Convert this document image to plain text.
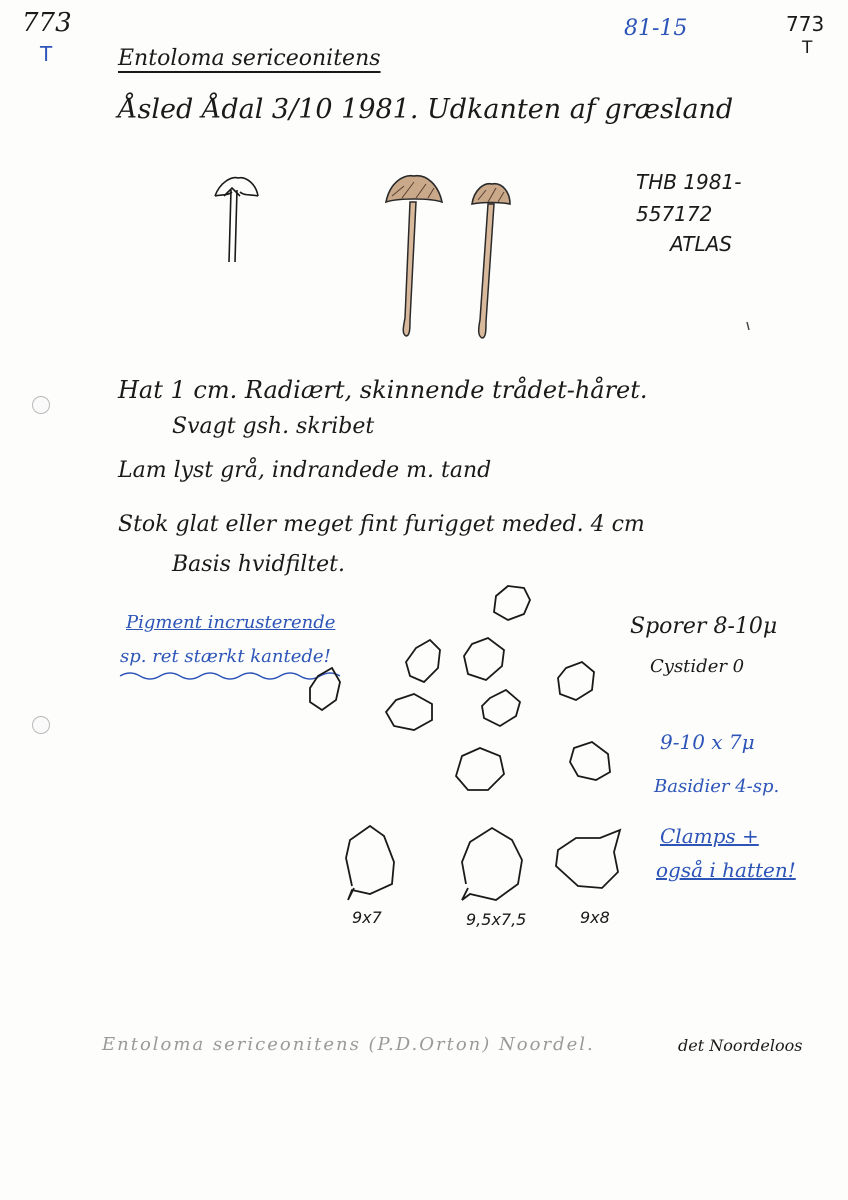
773
T
81-15	773
T
Entoloma sericeonitens
Åsled Ådal 3/10 1981. Udkanten af græsland
THB 1981-
557172
ATLAS
Hat 1 cm. Radiært, skinnende trådet-håret.
Svagt gsh. skribet
Lam lyst grå, indrandede m. tand
Stok glat eller meget fint furigget meded. 4 cm
Basis hvidfiltet.
Pigment incrusterende
sp. ret stærkt kantede!
Sporer 8-10μ
Cystider 0
9-10 x 7μ
Basidier 4-sp.
Clamps +
også i hatten!
9x7	9,5x7,5	9x8
Entoloma sericeonitens (P.D.Orton) Noordel.	det Noordeloos
